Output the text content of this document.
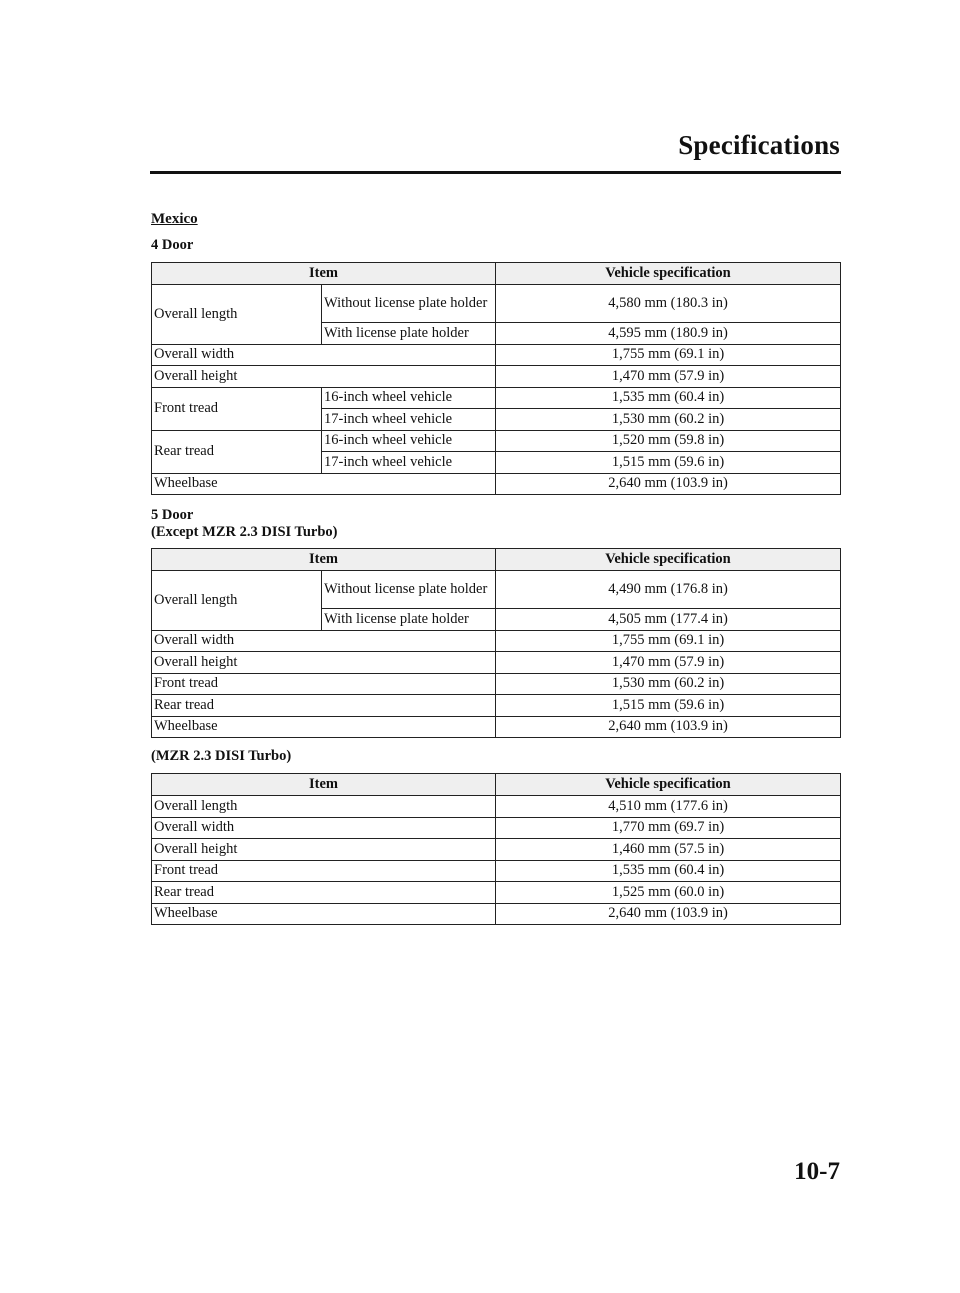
Specifications
Mexico
4 Door
Item		Vehicle specification
Overall length	Without license plate holder	4,580 mm (180.3 in)
	With license plate holder	4,595 mm (180.9 in)
Overall width		1,755 mm (69.1 in)
Overall height		1,470 mm (57.9 in)
Front tread	16-inch wheel vehicle	1,535 mm (60.4 in)
	17-inch wheel vehicle	1,530 mm (60.2 in)
Rear tread	16-inch wheel vehicle	1,520 mm (59.8 in)
	17-inch wheel vehicle	1,515 mm (59.6 in)
Wheelbase		2,640 mm (103.9 in)
5 Door
(Except MZR 2.3 DISI Turbo)
Item		Vehicle specification
Overall length	Without license plate holder	4,490 mm (176.8 in)
	With license plate holder	4,505 mm (177.4 in)
Overall width		1,755 mm (69.1 in)
Overall height		1,470 mm (57.9 in)
Front tread		1,530 mm (60.2 in)
Rear tread		1,515 mm (59.6 in)
Wheelbase		2,640 mm (103.9 in)
(MZR 2.3 DISI Turbo)
Item	Vehicle specification
Overall length	4,510 mm (177.6 in)
Overall width	1,770 mm (69.7 in)
Overall height	1,460 mm (57.5 in)
Front tread	1,535 mm (60.4 in)
Rear tread	1,525 mm (60.0 in)
Wheelbase	2,640 mm (103.9 in)
10-7
